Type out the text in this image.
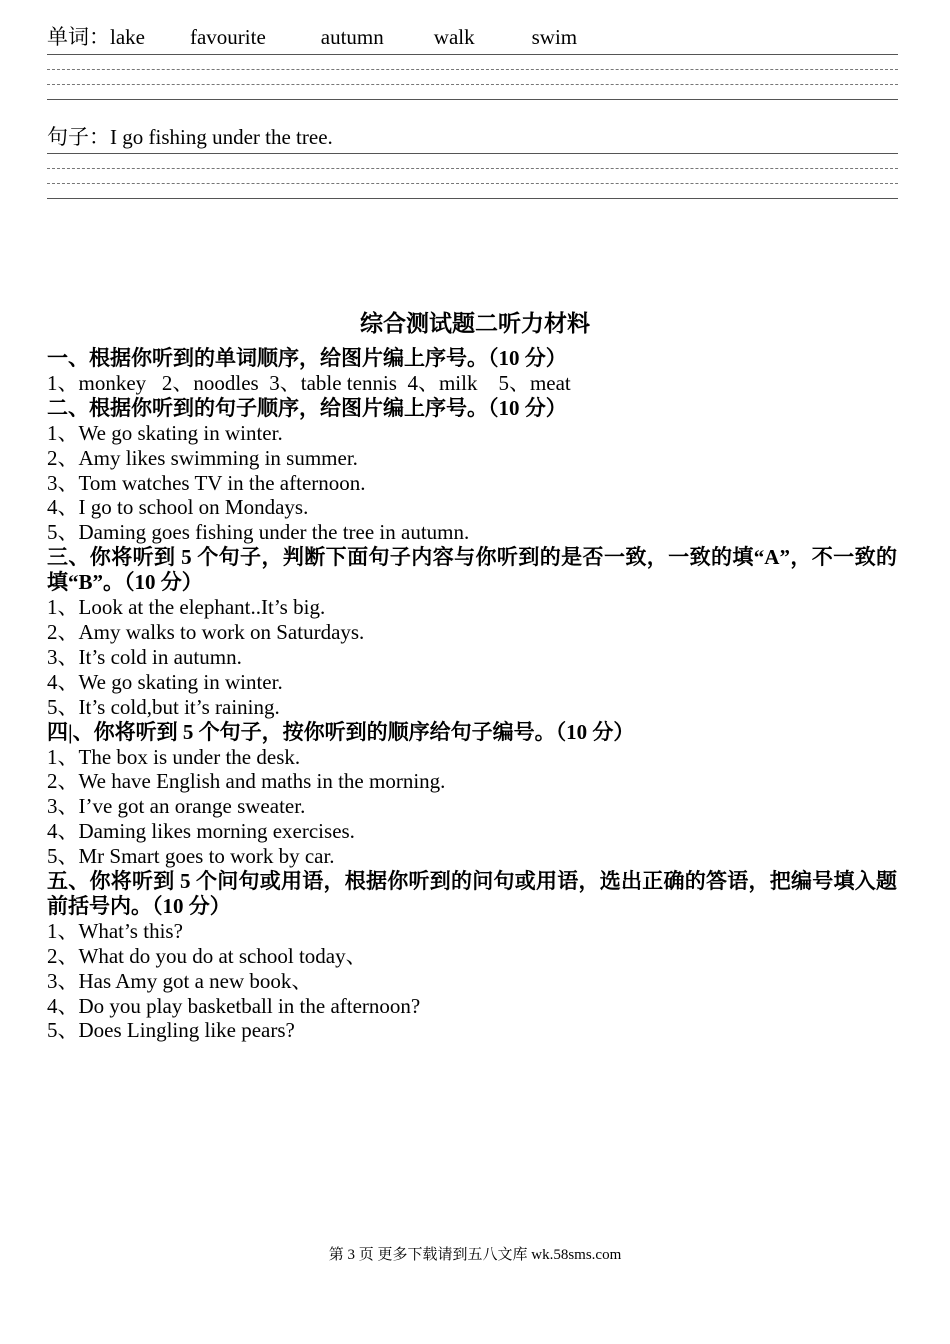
单词：lake favourite	autumn walk	swim
句子：I go fishing under the tree.
综合测试题二听力材料
一、根据你听到的单词顺序，给图片编上序号。（10 分）
1、monkey   2、noodles  3、table tennis  4、milk    5、meat
二、根据你听到的句子顺序，给图片编上序号。（10 分）
1、We go skating in winter.
2、Amy likes swimming in summer.
3、Tom watches TV in the afternoon.
4、I go to school on Mondays.
5、Daming goes fishing under the tree in autumn.
三、你将听到 5 个句子，判断下面句子内容与你听到的是否一致，一致的填“A”，不一致的填“B”。（10 分）
1、Look at the elephant..It’s big.
2、Amy walks to work on Saturdays.
3、It’s cold in autumn.
4、We go skating in winter.
5、It’s cold,but it’s raining.
四|、你将听到 5 个句子，按你听到的顺序给句子编号。（10 分）
1、The box is under the desk.
2、We have English and maths in the morning.
3、I’ve got an orange sweater.
4、Daming likes morning exercises.
5、Mr Smart goes to work by car.
五、你将听到 5 个问句或用语，根据你听到的问句或用语，选出正确的答语，把编号填入题前括号内。（10 分）
1、What’s this?
2、What do you do at school today、
3、Has Amy got a new book、
4、Do you play basketball in the afternoon?
5、Does Lingling like pears?
第 3 页 更多下载请到五八文库 wk.58sms.com
